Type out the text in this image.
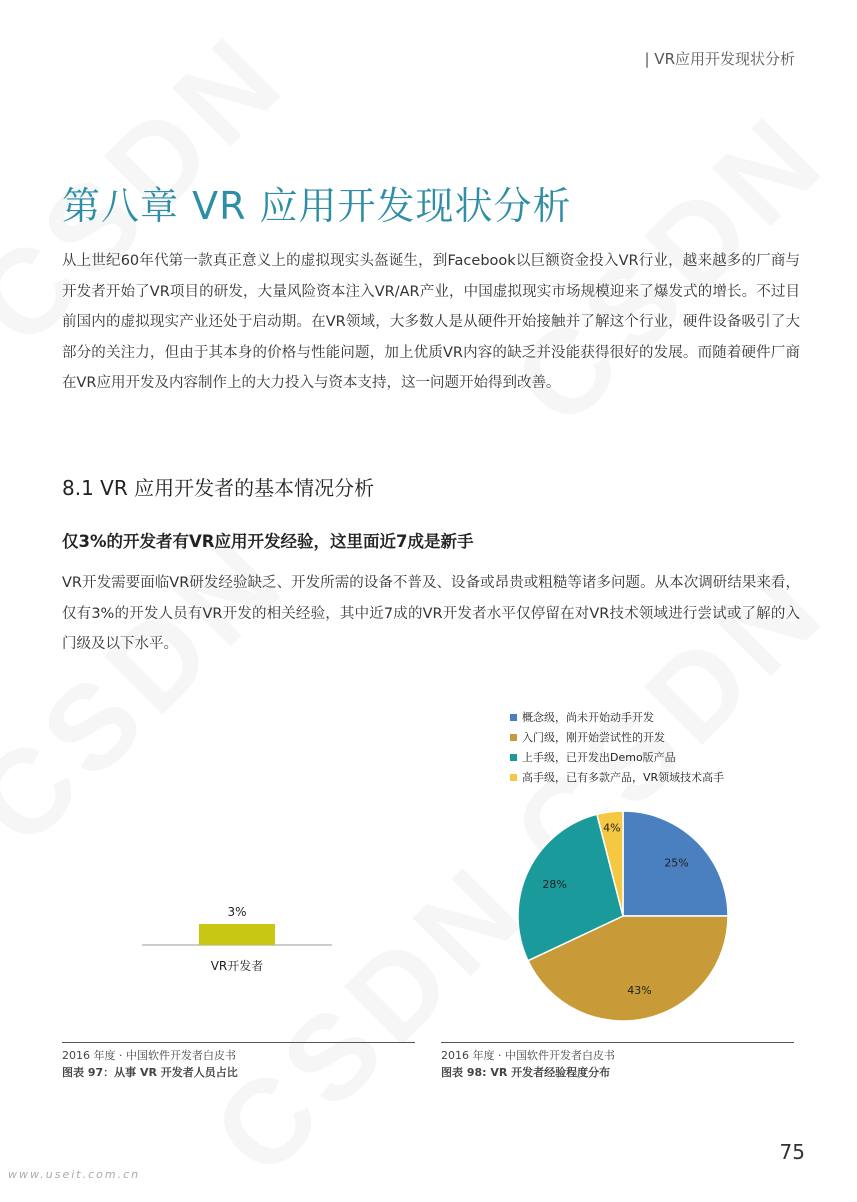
| VR应用开发现状分析
第八章 VR 应用开发现状分析
从上世纪60年代第一款真正意义上的虚拟现实头盔诞生，到Facebook以巨额资金投入VR行业，越来越多的厂商与开发者开始了VR项目的研发，大量风险资本注入VR/AR产业，中国虚拟现实市场规模迎来了爆发式的增长。不过目前国内的虚拟现实产业还处于启动期。在VR领域，大多数人是从硬件开始接触并了解这个行业，硬件设备吸引了大部分的关注力，但由于其本身的价格与性能问题，加上优质VR内容的缺乏并没能获得很好的发展。而随着硬件厂商在VR应用开发及内容制作上的大力投入与资本支持，这一问题开始得到改善。
8.1 VR 应用开发者的基本情况分析
仅3%的开发者有VR应用开发经验，这里面近7成是新手
VR开发需要面临VR研发经验缺乏、开发所需的设备不普及、设备或昂贵或粗糙等诸多问题。从本次调研结果来看，仅有3%的开发人员有VR开发的相关经验，其中近7成的VR开发者水平仅停留在对VR技术领域进行尝试或了解的入门级及以下水平。
3%
VR开发者
概念级，尚未开始动手开发
入门级，刚开始尝试性的开发
上手级，已开发出Demo版产品
高手级，已有多款产品，VR领域技术高手
25%
43%
28%
4%
2016 年度 · 中国软件开发者白皮书
图表 97：从事 VR 开发者人员占比
2016 年度 · 中国软件开发者白皮书
图表 98: VR 开发者经验程度分布
75
www.useit.com.cn
